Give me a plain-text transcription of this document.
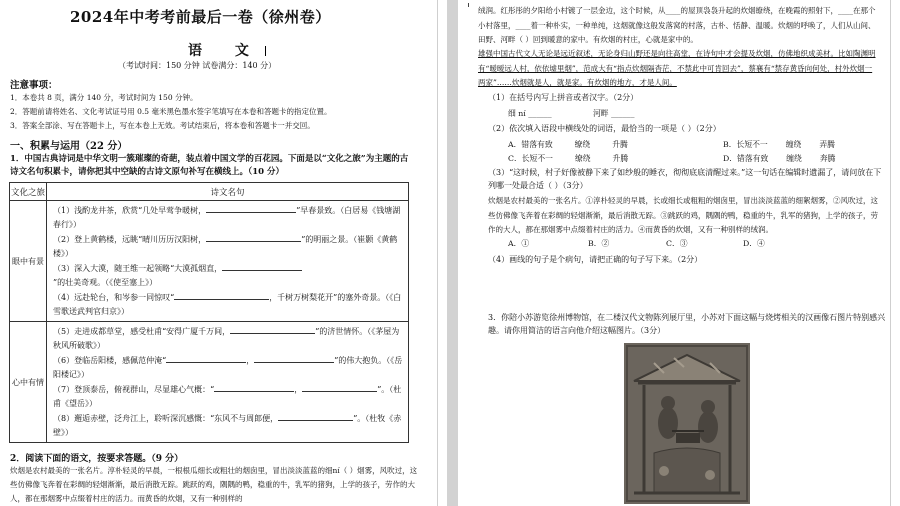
2024年中考考前最后一卷（徐州卷）
语 文
（考试时间：150 分钟 试卷满分：140 分）
注意事项：
1．本卷共 8 页，满分 140 分，考试时间为 150 分钟。
2．答题前请将姓名、文化考试证号用 0.5 毫米黑色墨水签字笔填写在本卷和答题卡的指定位置。
3．答案全部涂、写在答题卡上，写在本卷上无效。考试结束后，将本卷和答题卡一并交回。
一、积累与运用（22 分）
1．中国古典诗词是中华文明一簇璀璨的奇葩，装点着中国文学的百花园。下面是以“文化之旅”为主题的古诗文名句积累卡，请你把其中空缺的古诗文原句补写在横线上。（10 分）
文化之旅	诗文名句
眼中有景	（1）浅酌龙井茶，欣赏“几处早莺争暖树， ”早春景致。（白居易《钱塘湖春行》）
（2）登上黄鹤楼，远眺“晴川历历汉阳树， ”的明丽之景。（崔颢《黄鹤楼》）
（3）深入大漠，随王维一起领略“大漠孤烟直，”的壮美奇观。（《使至塞上》）
（4）远赴轮台，和岑参一同惊叹“ ，千树万树梨花开”的塞外奇景。（《白雪歌送武判官归京》）

心中有情	（5）走进成都草堂，感受杜甫“安得广厦千万间， ”的济世情怀。（《茅屋为秋风所破歌》）
（6）登临岳阳楼，感佩范仲淹“ ， ”的伟大抱负。（《岳阳楼记》）
（7）登顶泰岳，俯视群山，尽显雄心气概：“ ， ”。（杜甫《望岳》）
（8）邂逅赤壁，泛舟江上，聆听深沉感慨：“东风不与周郎便， ”。（杜牧《赤壁》）
2．阅读下面的语文，按要求答题。（9 分）
炊烟是农村最美的一张名片。淳朴轻灵的早晨，一根根瓜细长或粗壮的烟囱里，冒出淡淡蓝蓝的细ní（ ）烟雾，风吹过，这些仿佛像飞奔着在彩绸的轻烟渐渐，最后消散无踪。跳跃的鸡，隅隅的鸭，稳重的牛，乳军的猪狗，上学的孩子，劳作的大人，都在那烟雾中点缀着村庄的活力。而黄昏的炊烟，又有一种别样的
绒润。红彤彤的夕阳给小村镀了一层金边，这个时候，从____的屋顶袅袅升起的炊烟缭绕，在晚霞的照射下，____在那个小村落里，____着一种朴实，一种单纯，这烟就像这般发落窝的村落，古朴、恬静、温暖。炊烟的呼唤了，人们从山间、田野、河畔（ ）回到暖意的家中。有炊烟的村庄，心就是家中的。
雄强中国古代文人无论是远近叙述，无论身归山野还是向往高堂，在诗句中才会提及炊烟，仿佛地织成美材。比如陶渊明有“暧暧远人村，依依墟里烟”，范成大有“指点炊烟隔杳茫，不禁此中可肯回去”，蔡襄有“禁存黄昏向何处，村外炊烟一两家”……炊烟就是人，就是家。有炊烟的地方，才是人间。
（1）在括号内写上拼音或者汉字。（2分）
细 ní ______	河畔 ______
（2）依次填入语段中横线处的词语，最恰当的一项是（ ）（2分）
A．错落有致	缭绕	升腾	B．长短不一 缠绕 弄腾
C．长短不一	缭绕	升腾	D．错落有致 缠绕 奔腾
（3）“这时候，村子好像被静下来了如纱般的睡衣，彻彻底底清醒过来。”这一句话在编辑时遗漏了，请问放在下列哪一处最合适（ ）（3分）
炊烟是农村最美的一张名片。①淳朴轻灵的早晨，长或细长或粗粗的烟囱里，冒出淡淡蓝蓝的细絮烟雾，②风吹过，这些仿佛像飞奔着在彩绸的轻烟渐渐，最后消散无踪。③跳跃的鸡，隅隅的鸭，稳重的牛，乳军的猪狗，上学的孩子，劳作的大人，都在那烟雾中点缀着村庄的活力。④而黄昏的炊烟，又有一种别样的绒润。
A．①	B．②	C．③	D．④
（4）画线的句子是个病句，请把正确的句子写下来。（2分）
3．你陪小苏游览徐州博物馆，在二楼汉代文物陈列展厅里，小苏对下面这幅与烧烤相关的汉画像石图片特别感兴趣。请你用简洁的语言向他介绍这幅图片。（3分）
